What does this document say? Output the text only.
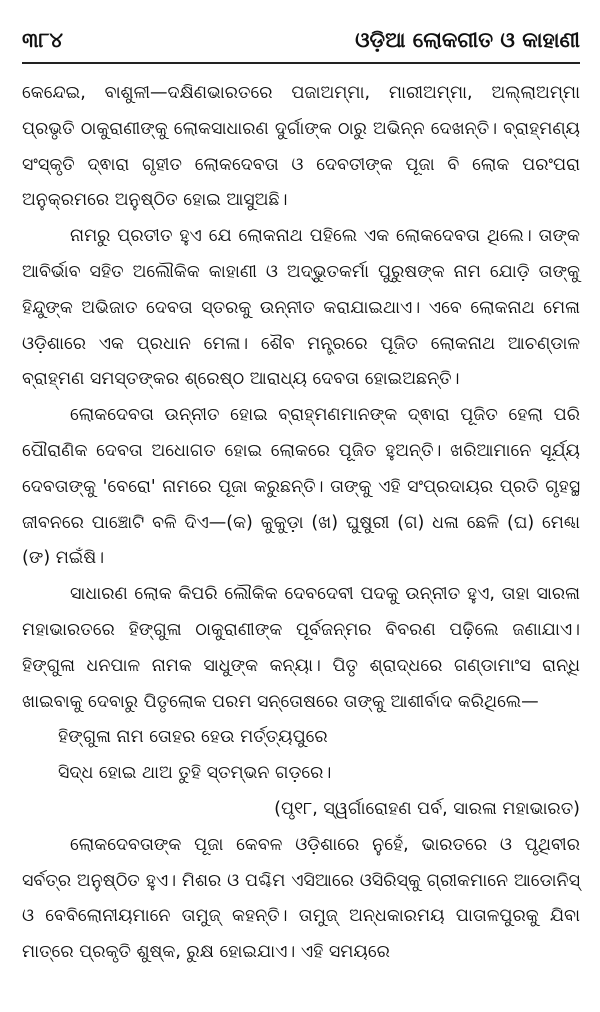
୩୮୪	ଓଡ଼ିଆ ଲୋକଗୀତ ଓ କାହାଣୀ

କେନ୍ଦେଇ, ବାଶୁଳୀ—ଦକ୍ଷିଣଭାରତରେ ପଜାଅମ୍ମା, ମାରୀଅମ୍ମା, ଅଲ୍ଲାଅମ୍ମା ପ୍ରଭୃତି ଠାକୁରାଣୀଙ୍କୁ ଲୋକସାଧାରଣ ଦୁର୍ଗାଙ୍କ ଠାରୁ ଅଭିନ୍ନ ଦେଖନ୍ତି। ବ୍ରାହ୍ମଣ୍ୟ ସଂସ୍କୃତି ଦ୍ଵାରା ଗୃହୀତ ଲୋକଦେବତା ଓ ଦେବତୀଙ୍କ ପୂଜା ବି ଲୋକ ପରଂପରା ଅନୁକ୍ରମରେ ଅନୁଷ୍ଠିତ ହୋଇ ଆସୁଅଛି।

ନାମରୁ ପ୍ରତୀତ ହୁଏ ଯେ ଲୋକନାଥ ପହିଲେ ଏକ ଲୋକଦେବତା ଥିଲେ। ତାଙ୍କ ଆବିର୍ଭାବ ସହିତ ଅଲୌକିକ କାହାଣୀ ଓ ଅଦ୍ଭୁତକର୍ମା ପୁରୁଷଙ୍କ ନାମ ଯୋଡ଼ି ତାଙ୍କୁ ହିନ୍ଦୁଙ୍କ ଅଭିଜାତ ଦେବତା ସ୍ତରକୁ ଉନ୍ନୀତ କରାଯାଇଥାଏ। ଏବେ ଲୋକନାଥ ମେଳା ଓଡ଼ିଶାରେ ଏକ ପ୍ରଧାନ ମେଳା। ଶୈବ ମନ୍ତ୍ରରେ ପୂଜିତ ଲୋକନାଥ ଆଚଣ୍ଡାଳ ବ୍ରାହ୍ମଣ ସମସ୍ତଙ୍କର ଶ୍ରେଷ୍ଠ ଆରାଧ୍ୟ ଦେବତା ହୋଇଅଛନ୍ତି।

ଲୋକଦେବତା ଉନ୍ନୀତ ହୋଇ ବ୍ରାହ୍ମଣମାନଙ୍କ ଦ୍ଵାରା ପୂଜିତ ହେଲା ପରି ପୌରାଣିକ ଦେବତା ଅଧୋଗତ ହୋଇ ଲୋକରେ ପୂଜିତ ହୁଅନ୍ତି। ଖରିଆମାନେ ସୂର୍ଯ୍ୟ ଦେବତାଙ୍କୁ 'ବେରୋ' ନାମରେ ପୂଜା କରୁଛନ୍ତି। ତାଙ୍କୁ ଏହି ସଂପ୍ରଦାୟର ପ୍ରତି ଗୃହସ୍ଥ ଜୀବନରେ ପାଞ୍ଚୋଟି ବଳି ଦିଏ—(କ) କୁକୁଡ଼ା (ଖ) ଘୁଷୁରୀ (ଗ) ଧଳା ଛେଳି (ଘ) ମେଣ୍ଢା (ଙ) ମଇଁଷି।

ସାଧାରଣ ଲୋକ କିପରି ଲୌକିକ ଦେବଦେବୀ ପଦକୁ ଉନ୍ନୀତ ହୁଏ, ତାହା ସାରଳା ମହାଭାରତରେ ହିଙ୍ଗୁଳା ଠାକୁରାଣୀଙ୍କ ପୂର୍ବଜନ୍ମର ବିବରଣ ପଢ଼ିଲେ ଜଣାଯାଏ। ହିଙ୍ଗୁଳା ଧନପାଳ ନାମକ ସାଧୁଙ୍କ କନ୍ୟା। ପିତୃ ଶ୍ରାଦ୍ଧରେ ଗଣ୍ଡାମାଂସ ରାନ୍ଧି ଖାଇବାକୁ ଦେବାରୁ ପିତୃଲୋକ ପରମ ସନ୍ତୋଷରେ ତାଙ୍କୁ ଆଶୀର୍ବାଦ କରିଥିଲେ—

ହିଙ୍ଗୁଳା ନାମ ତୋହର ହେଉ ମର୍ତ୍ତ୍ୟପୁରେ

ସିଦ୍ଧ ହୋଇ ଥାଅ ତୁହି ସ୍ତମ୍ଭନ ଗଡ଼ରେ।

(ପୃ୧୮, ସ୍ୱର୍ଗାରୋହଣ ପର୍ବ, ସାରଳା ମହାଭାରତ)

ଲୋକଦେବତାଙ୍କ ପୂଜା କେବଳ ଓଡ଼ିଶାରେ ନୁହେଁ, ଭାରତରେ ଓ ପୃଥିବୀର ସର୍ବତ୍ର ଅନୁଷ୍ଠିତ ହୁଏ। ମିଶର ଓ ପଶ୍ଚିମ ଏସିଆରେ ଓସିରିସ୍‌କୁ ଗ୍ରୀକମାନେ ଆଡୋନିସ୍ ଓ ବେବିଲୋନୀୟମାନେ ତାମୁଜ୍ କହନ୍ତି। ତାମୁଜ୍ ଅନ୍ଧକାରମୟ ପାତାଳପୁରକୁ ଯିବା ମାତ୍ରେ ପ୍ରକୃତି ଶୁଷ୍କ, ରୁକ୍ଷ ହୋଇଯାଏ। ଏହି ସମୟରେ
